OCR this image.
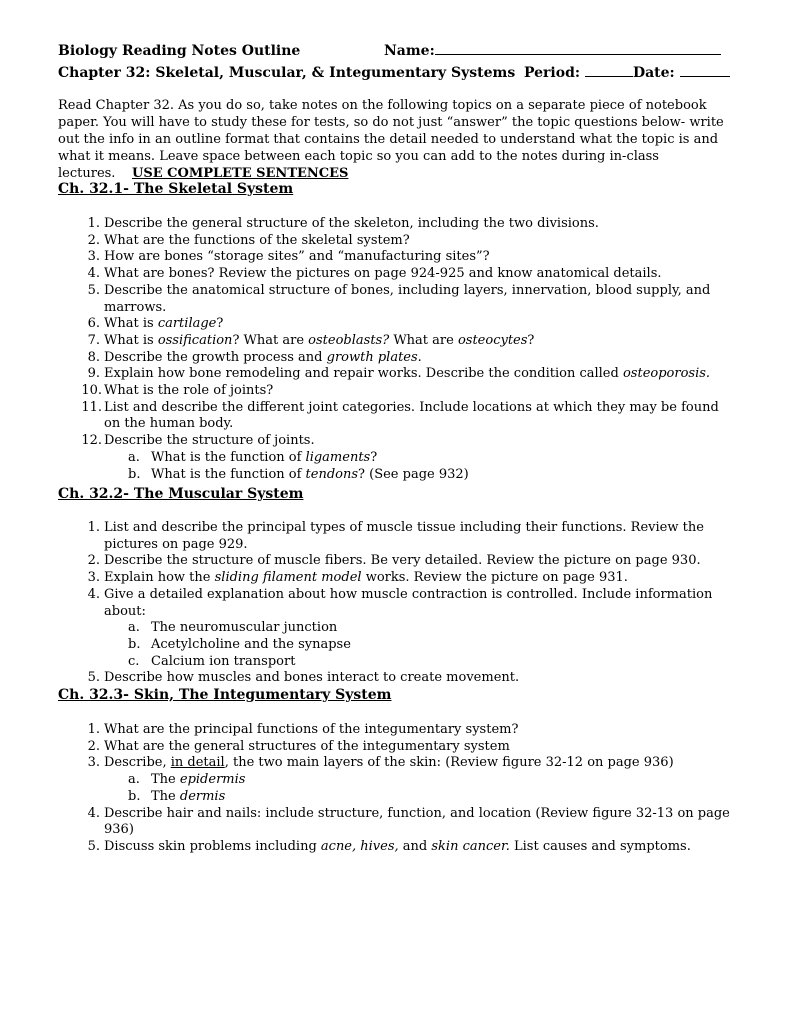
Biology Reading Notes Outline	Name:
Chapter 32: Skeletal, Muscular, & Integumentary Systems Period:	Date:
Read Chapter 32. As you do so, take notes on the following topics on a separate piece of notebook paper. You will have to study these for tests, so do not just “answer” the topic questions below- write out the info in an outline format that contains the detail needed to understand what the topic is and what it means. Leave space between each topic so you can add to the notes during in-class lectures. USE COMPLETE SENTENCES
Ch. 32.1- The Skeletal System
1. Describe the general structure of the skeleton, including the two divisions.
2. What are the functions of the skeletal system?
3. How are bones “storage sites” and “manufacturing sites”?
4. What are bones? Review the pictures on page 924-925 and know anatomical details.
5. Describe the anatomical structure of bones, including layers, innervation, blood supply, and marrows.
6. What is cartilage?
7. What is ossification? What are osteoblasts? What are osteocytes?
8. Describe the growth process and growth plates.
9. Explain how bone remodeling and repair works. Describe the condition called osteoporosis.
10. What is the role of joints?
11. List and describe the different joint categories. Include locations at which they may be found on the human body.
12. Describe the structure of joints.
a. What is the function of ligaments?
b. What is the function of tendons? (See page 932)
Ch. 32.2- The Muscular System
1. List and describe the principal types of muscle tissue including their functions. Review the pictures on page 929.
2. Describe the structure of muscle fibers. Be very detailed. Review the picture on page 930.
3. Explain how the sliding filament model works. Review the picture on page 931.
4. Give a detailed explanation about how muscle contraction is controlled. Include information about:
a. The neuromuscular junction
b. Acetylcholine and the synapse
c. Calcium ion transport
5. Describe how muscles and bones interact to create movement.
Ch. 32.3- Skin, The Integumentary System
1. What are the principal functions of the integumentary system?
2. What are the general structures of the integumentary system
3. Describe, in detail, the two main layers of the skin: (Review figure 32-12 on page 936)
a. The epidermis
b. The dermis
4. Describe hair and nails: include structure, function, and location (Review figure 32-13 on page 936)
5. Discuss skin problems including acne, hives, and skin cancer. List causes and symptoms.
